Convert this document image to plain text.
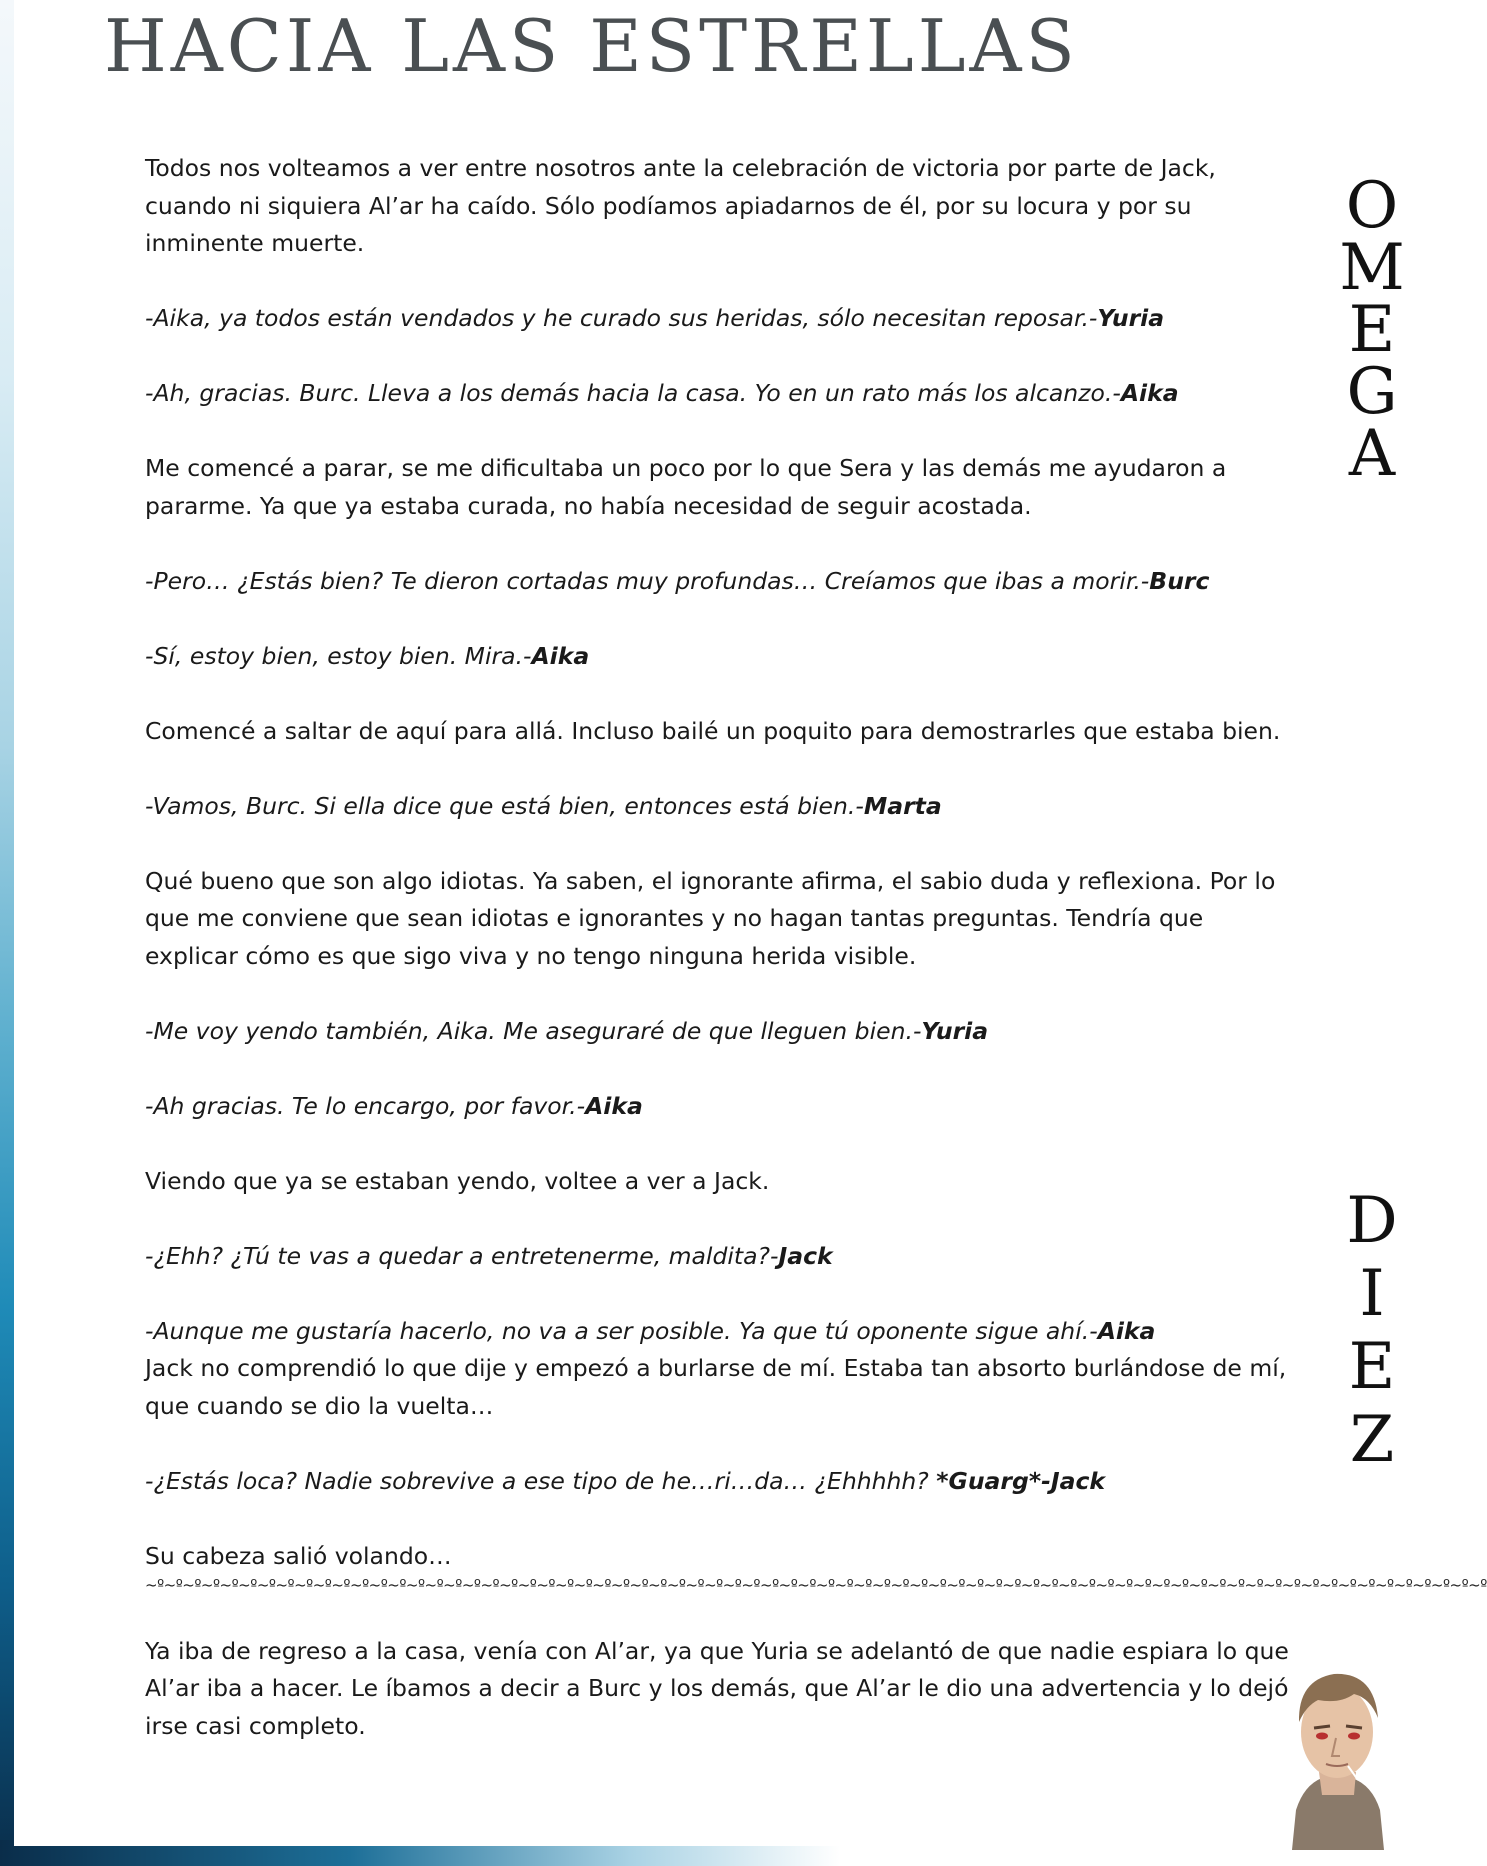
HACIA LAS ESTRELLAS

Todos nos volteamos a ver entre nosotros ante la celebración de victoria por parte de Jack, cuando ni siquiera Al’ar ha caído. Sólo podíamos apiadarnos de él, por su locura y por su inminente muerte.

-Aika, ya todos están vendados y he curado sus heridas, sólo necesitan reposar.-Yuria

-Ah, gracias. Burc. Lleva a los demás hacia la casa. Yo en un rato más los alcanzo.-Aika

Me comencé a parar, se me dificultaba un poco por lo que Sera y las demás me ayudaron a pararme. Ya que ya estaba curada, no había necesidad de seguir acostada.

-Pero… ¿Estás bien? Te dieron cortadas muy profundas… Creíamos que ibas a morir.-Burc

-Sí, estoy bien, estoy bien. Mira.-Aika

Comencé a saltar de aquí para allá. Incluso bailé un poquito para demostrarles que estaba bien.

-Vamos, Burc. Si ella dice que está bien, entonces está bien.-Marta

Qué bueno que son algo idiotas. Ya saben, el ignorante afirma, el sabio duda y reflexiona. Por lo que me conviene que sean idiotas e ignorantes y no hagan tantas preguntas. Tendría que explicar cómo es que sigo viva y no tengo ninguna herida visible.

-Me voy yendo también, Aika. Me aseguraré de que lleguen bien.-Yuria

-Ah gracias. Te lo encargo, por favor.-Aika

Viendo que ya se estaban yendo, voltee a ver a Jack.

-¿Ehh? ¿Tú te vas a quedar a entretenerme, maldita?-Jack

-Aunque me gustaría hacerlo, no va a ser posible. Ya que tú oponente sigue ahí.-Aika

Jack no comprendió lo que dije y empezó a burlarse de mí. Estaba tan absorto burlándose de mí, que cuando se dio la vuelta…

-¿Estás loca? Nadie sobrevive a ese tipo de he…ri…da… ¿Ehhhhh? *Guarg*-Jack

Su cabeza salió volando…

~º~º~º~º~º~º~º~º~º~º~º~º~º~º~º~º~º~º~º~º~º~º~º~º~º~º~º~º~º~º~º~º~º~º~º~º~º~º~º~º~º~º~º~º~º~º~º~º~º~º~º~º~º~º~º~º~º~º~º~º~º~º~º~º~º~º~º~º~º~º~º~º

Ya iba de regreso a la casa, venía con Al’ar, ya que Yuria se adelantó de que nadie espiara lo que Al’ar iba a hacer. Le íbamos a decir a Burc y los demás, que Al’ar le dio una advertencia y lo dejó irse casi completo.

O
M
E
G
A
D
I
E
Z
